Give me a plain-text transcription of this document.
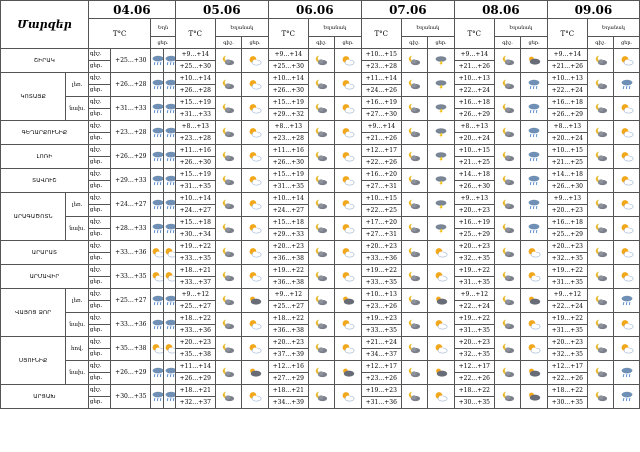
Մարզեր		04.06				05.06			06.06			07.06			08.06			09.06		
		T°C		Եղն		T°C	Եղանակ		T°C	Եղանակ		T°C	Եղանակ		T°C	Եղանակ		T°C	Եղանակ	
				ցեր.			գիշ.	ցեր.		գիշ.	ցեր.		գիշ.	ցեր.		գիշ.	ցեր.		գիշ.	ցեր.
ՇԻՐԱԿ		գիշ.	+25…+30			+9…+14			+9…+14			+10…+15			+9…+14			+9…+14	

		ցեր.				+25…+30			+25…+30			+23…+28			+21…+26			+21…+26		
ԿՈՏԱՅՔ	լեռ.	գիշ.	+26…+28			+10…+14			+10…+14			+11…+14			+10…+13			+10…+13	

		ցեր.				+26…+28			+26…+30			+24…+26			+22…+24			+22…+24		
	նախ.	գիշ.	+31…+33			+15…+19			+15…+19			+16…+19			+16…+18			+16…+18	

		ցեր.				+31…+33			+29…+32			+27…+30			+26…+29			+26…+29		
ԳԵՂԱՐՔՈՒՆԻՔ		գիշ.	+23…+28			+8…+13			+8…+13			+9…+14			+8…+13			+8…+13	

		ցեր.				+23…+28			+23…+28			+21…+26			+20…+24			+20…+24		
ԼՈՌԻ		գիշ.	+26…+29			+11…+16			+11…+16			+12…+17			+10…+15			+10…+15	

		ցեր.				+26…+30			+26…+30			+22…+26			+21…+25			+21…+25		
ՏԱՎՈՒՇ		գիշ.	+29…+33			+15…+19			+15…+19			+16…+20			+14…+18			+14…+18	

		ցեր.				+31…+35			+31…+35			+27…+31			+26…+30			+26…+30		
ԱՐԱԳԱԾՈՏՆ	լեռ.	գիշ.	+24…+27			+10…+14			+10…+14			+10…+15			+9…+13			+9…+13	

		ցեր.				+24…+27			+24…+27			+22…+25			+20…+23			+20…+23		
	նախ.	գիշ.	+28…+33			+15…+18			+15…+18			+17…+20			+16…+19			+16…+18	

		ցեր.				+30…+34			+29…+33			+27…+31			+25…+29			+25…+29		
ԱՐԱՐԱՏ		գիշ.	+33…+36			+19…+22			+20…+23			+20…+23			+20…+23			+20…+23	

		ցեր.				+33…+35			+36…+38			+33…+36			+32…+35			+32…+35		
ԱՐՄԱՎԻՐ		գիշ.	+33…+35			+18…+21			+19…+22			+19…+22			+19…+22			+19…+22	

		ցեր.				+33…+37			+36…+38			+33…+35			+31…+35			+31…+35		
ՎԱՅՈՑ ՁՈՐ	լեռ.	գիշ.	+25…+27			+9…+12			+9…+12			+10…+13			+9…+12			+9…+12	

		ցեր.				+25…+27			+25…+27			+23…+26			+22…+24			+22…+24		
	նախ.	գիշ.	+33…+36			+18…+22			+18…+22			+19…+23			+19…+22			+19…+22	

		ցեր.				+33…+36			+36…+38			+33…+35			+31…+35			+31…+35		
ՍՅՈՒՆԻՔ	հով.	գիշ.	+35…+38			+20…+23			+20…+23			+21…+24			+20…+23			+20…+23	

		ցեր.				+35…+38			+37…+39			+34…+37			+32…+35			+32…+35		
	նախ.	գիշ.	+26…+29			+11…+14			+12…+16			+12…+17			+12…+17			+12…+17	

		ցեր.				+26…+29			+27…+29			+23…+26			+22…+26			+22…+26		
ԱՐՑԱԽ		գիշ.	+30…+35			+18…+21			+18…+21			+19…+23			+18…+22			+18…+22	

		ցեր.				+32…+37			+34…+39			+31…+36			+30…+35			+30…+35		
